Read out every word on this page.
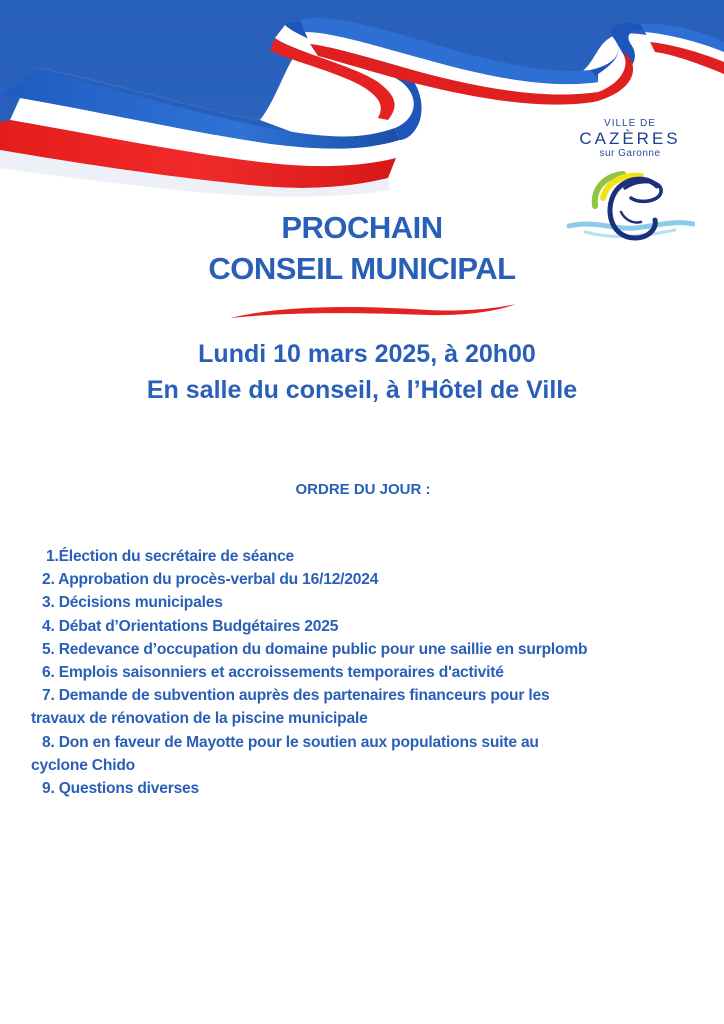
VILLE DE
CAZÈRES
sur Garonne
PROCHAIN
CONSEIL MUNICIPAL
Lundi 10 mars 2025, à 20h00
En salle du conseil, à l’Hôtel de Ville
ORDRE DU JOUR :
1.Élection du secrétaire de séance
2. Approbation du procès-verbal du 16/12/2024
3. Décisions municipales
4. Débat d’Orientations Budgétaires 2025
5. Redevance d’occupation du domaine public pour une saillie en surplomb
6. Emplois saisonniers et accroissements temporaires d'activité
7. Demande de subvention auprès des partenaires financeurs pour les
travaux de rénovation de la piscine municipale
8. Don en faveur de Mayotte pour le soutien aux populations suite au
cyclone Chido
9. Questions diverses
